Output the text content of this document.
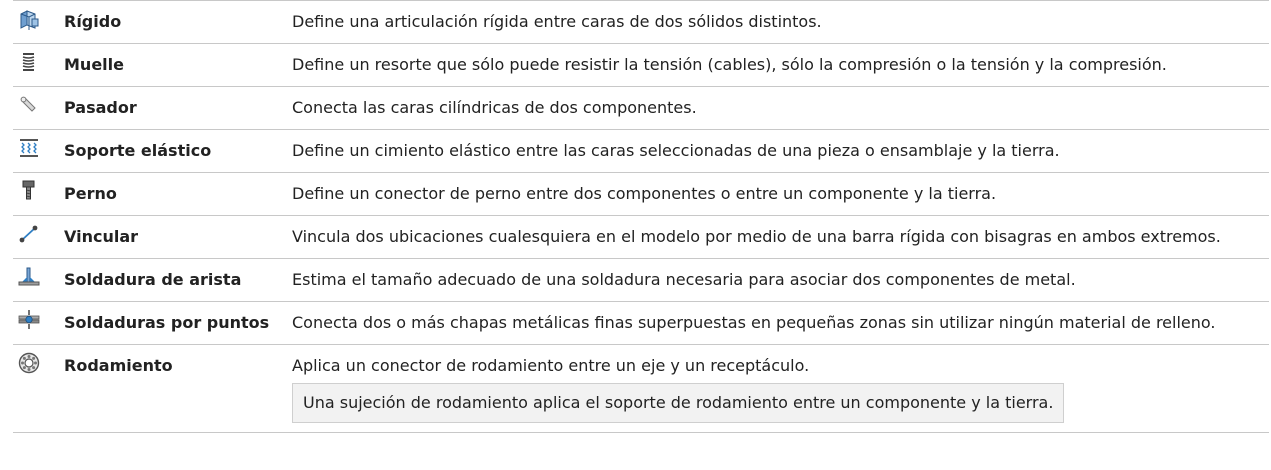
	Rígido	Define una articulación rígida entre caras de dos sólidos distintos.

	Muelle	Define un resorte que sólo puede resistir la tensión (cables), sólo la compresión o la tensión y la compresión.

	Pasador	Conecta las caras cilíndricas de dos componentes.

	Soporte elástico	Define un cimiento elástico entre las caras seleccionadas de una pieza o ensamblaje y la tierra.

	Perno	Define un conector de perno entre dos componentes o entre un componente y la tierra.

	Vincular	Vincula dos ubicaciones cualesquiera en el modelo por medio de una barra rígida con bisagras en ambos extremos.

	Soldadura de arista	Estima el tamaño adecuado de una soldadura necesaria para asociar dos componentes de metal.

	Soldaduras por puntos	Conecta dos o más chapas metálicas finas superpuestas en pequeñas zonas sin utilizar ningún material de relleno.

	Rodamiento	Aplica un conector de rodamiento entre un eje y un receptáculo.
Una sujeción de rodamiento aplica el soporte de rodamiento entre un componente y la tierra.
